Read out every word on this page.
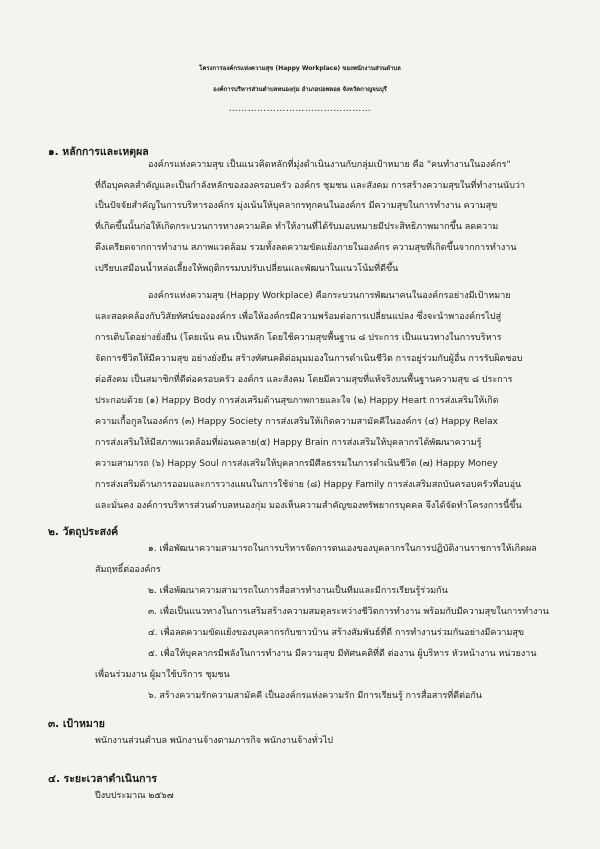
โครงการองค์กรแห่งความสุข (Happy Workplace) ของพนักงานส่วนตำบล
องค์การบริหารส่วนตำบลหนองกุ่ม อำเภอบ่อพลอย จังหวัดกาญจนบุรี
………………………………………
๑. หลักการและเหตุผล
องค์กรแห่งความสุข เป็นแนวคิดหลักที่มุ่งดำเนินงานกับกลุ่มเป้าหมาย คือ "คนทำงานในองค์กร"
ที่ถือบุคคลสำคัญและเป็นกำลังหลักขององครอบครัว องค์กร ชุมชน และสังคม การสร้างความสุขในที่ทำงานนับว่า
เป็นปัจจัยสำคัญในการบริหารองค์กร มุ่งเน้นให้บุคลากรทุกคนในองค์กร มีความสุขในการทำงาน ความสุข
ที่เกิดขึ้นนั้นก่อให้เกิดกระบวนการทางความคิด ทำให้งานที่ได้รับมอบหมายมีประสิทธิภาพมากขึ้น ลดความ
ตึงเครียดจากการทำงาน สภาพแวดล้อม รวมทั้งลดความขัดแย้งภายในองค์กร ความสุขที่เกิดขึ้นจากการทำงาน
เปรียบเสมือนน้ำหล่อเลี้ยงให้พฤติกรรมบปรับเปลี่ยนและพัฒนาในแนวโน้มที่ดีขึ้น
องค์กรแห่งความสุข (Happy Workplace) คือกระบวนการพัฒนาคนในองค์กรอย่างมีเป้าหมาย
และสอดคล้องกับวิสัยทัศน์ขององค์กร เพื่อให้องค์กรมีความพร้อมต่อการเปลี่ยนแปลง ซึ่งจะนำพาองค์กรไปสู่
การเติบโตอย่างยั่งยืน (โดยเน้น คน เป็นหลัก โดยใช้ความสุขพื้นฐาน ๘ ประการ เป็นแนวทางในการบริหาร
จัดการชีวิตให้มีความสุข อย่างยั่งยืน สร้างทัศนคติต่อมุมมองในการดำเนินชีวิต การอยู่ร่วมกับผู้อื่น การรับผิดชอบ
ต่อสังคม เป็นสมาชิกที่ดีต่อครอบครัว องค์กร และสังคม โดยมีความสุขที่แท้จริงบนพื้นฐานความสุข ๘ ประการ
ประกอบด้วย (๑) Happy Body การส่งเสริมด้านสุขภาพกายและใจ (๒) Happy Heart การส่งเสริมให้เกิด
ความเกื้อกูลในองค์กร (๓) Happy Society การส่งเสริมให้เกิดความสามัคคีในองค์กร (๔) Happy Relax
การส่งเสริมให้มีสภาพแวดล้อมที่ผ่อนคลาย(๕) Happy Brain การส่งเสริมให้บุคลากรได้พัฒนาความรู้
ความสามารถ (๖) Happy Soul การส่งเสริมให้บุคลากรมีศีลธรรมในการดำเนินชีวิต (๗) Happy Money
การส่งเสริมด้านการออมและการวางแผนในการใช้จ่าย (๘) Happy Family การส่งเสริมสถบันครอบครัวที่อบอุ่น
และมั่นคง องค์การบริหารส่วนตำบลหนองกุ่ม มองเห็นความสำคัญของทรัพยากรบุคคล จึงได้จัดทำโครงการนี้ขึ้น
๒. วัตถุประสงค์
๑. เพื่อพัฒนาความสามารถในการบริหารจัดการตนเองของบุคลากรในการปฏิบัติงานราชการให้เกิดผล
สัมฤทธิ์ต่อองค์กร
๒. เพื่อพัฒนาความสามารถในการสื่อสารทำงานเป็นทีมและมีการเรียนรู้ร่วมกัน
๓. เพื่อเป็นแนวทางในการเสริมสร้างความสมดุลระหว่างชีวิตการทำงาน พร้อมกับมีความสุขในการทำงาน
๔. เพื่อลดความขัดแย้งของบุคลากรกับชาวบ้าน สร้างสัมพันธ์ที่ดี การทำงานร่วมกันอย่างมีความสุข
๕. เพื่อให้บุคลากรมีพลังในการทำงาน มีความสุข มีทัศนคติที่ดี ต่องาน ผู้บริหาร หัวหน้างาน หน่วยงาน
เพื่อนร่วมงาน ผู้มาใช้บริการ ชุมชน
๖. สร้างความรักความสามัคคี เป็นองค์กรแห่งความรัก มีการเรียนรู้ การสื่อสารที่ดีต่อกัน
๓. เป้าหมาย
พนักงานส่วนตำบล พนักงานจ้างตามภารกิจ พนักงานจ้างทั่วไป
๔. ระยะเวลาดำเนินการ
ปีงบประมาณ ๒๕๖๗
